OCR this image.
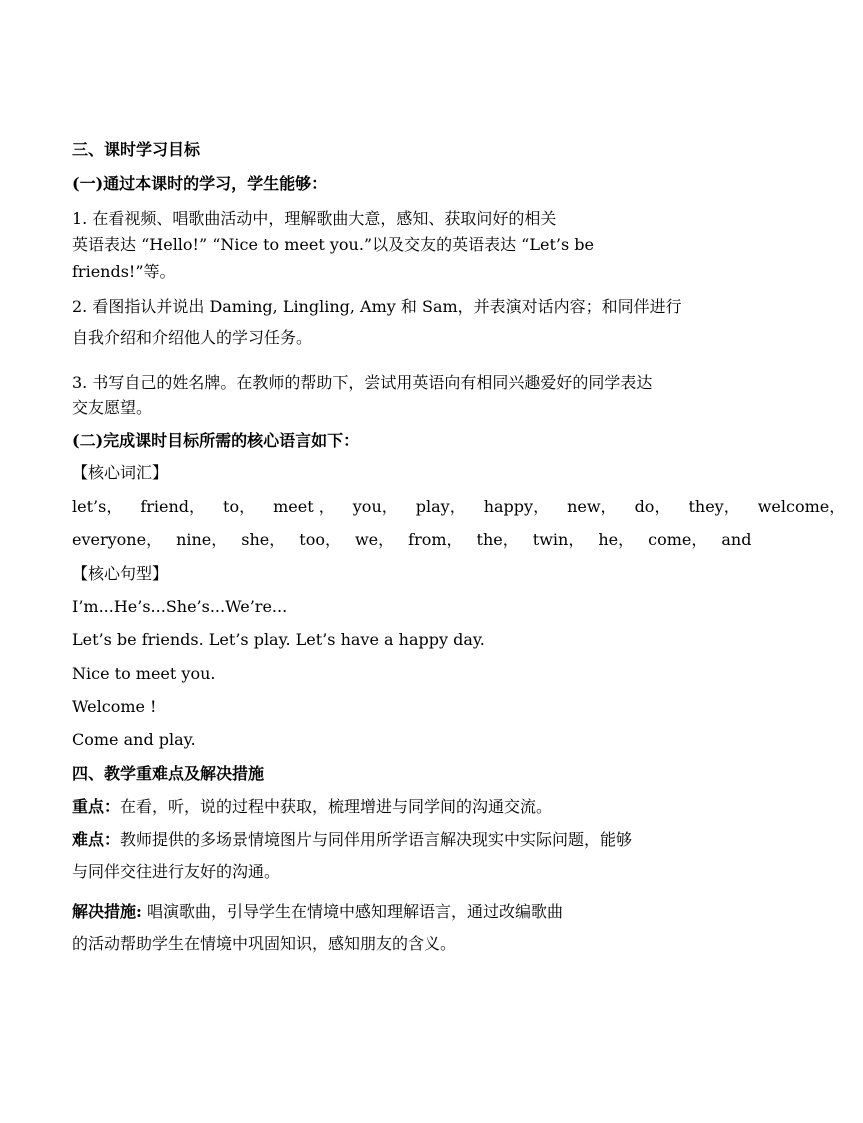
三、课时学习目标
(一)通过本课时的学习，学生能够：
1. 在看视频、唱歌曲活动中，理解歌曲大意，感知、获取问好的相关
英语表达 “Hello!” “Nice to meet you.”以及交友的英语表达 “Let’s be
friends!”等。
2. 看图指认并说出 Daming, Lingling, Amy 和 Sam，并表演对话内容；和同伴进行
自我介绍和介绍他人的学习任务。
3. 书写自己的姓名牌。在教师的帮助下，尝试用英语向有相同兴趣爱好的同学表达
交友愿望。
(二)完成课时目标所需的核心语言如下：
【核心词汇】
let’s， friend， to， meet ， you， play， happy， new， do， they， welcome，
everyone， nine， she， too， we， from， the， twin， he， come， and
【核心句型】
I’m...He’s...She’s...We’re...
Let’s be friends. Let’s play. Let’s have a happy day.
Nice to meet you.
Welcome !
Come and play.
四、教学重难点及解决措施
重点：在看，听，说的过程中获取，梳理增进与同学间的沟通交流。
难点：教师提供的多场景情境图片与同伴用所学语言解决现实中实际问题，能够
与同伴交往进行友好的沟通。
解决措施: 唱演歌曲，引导学生在情境中感知理解语言，通过改编歌曲
的活动帮助学生在情境中巩固知识，感知朋友的含义。
